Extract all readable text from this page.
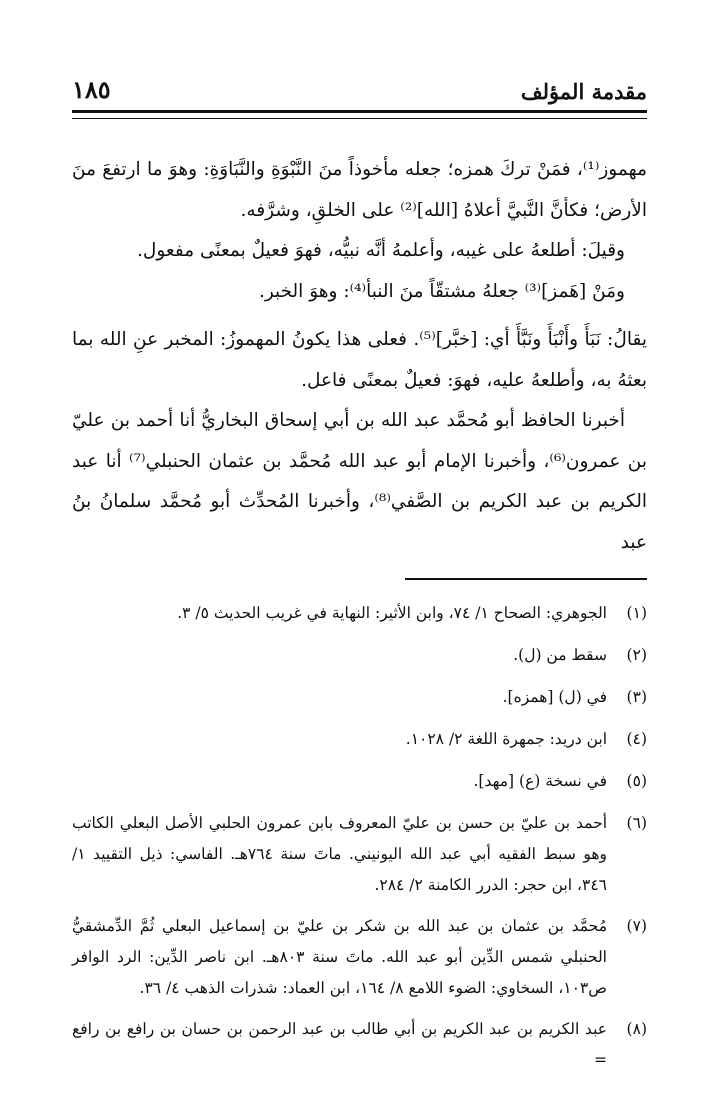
١٨٥	مقدمة المؤلف

مهموز⁽¹⁾، فمَنْ تركَ همزه؛ جعله مأخوذاً منَ النَّبْوَةِ والنَّبَاوَةِ: وهوَ ما ارتفعَ منَ الأرض؛ فكأنَّ النَّبيَّ أعلاهُ [الله]⁽²⁾ على الخلقِ، وشرَّفه.

وقيلَ: أطلعهُ على غيبه، وأعلمهُ أنَّه نبيُّه، فهوَ فعيلٌ بمعنًى مفعول.

ومَنْ [هَمز]⁽³⁾ جعلهُ مشتقّاً منَ النبأ⁽⁴⁾: وهوَ الخبر.

يقالُ: نَبَأَ وأَنْبَأَ ونَبَّأَ أي: [خبَّر]⁽⁵⁾. فعلى هذا يكونُ المهموزُ: المخبر عنِ الله بما بعثهُ به، وأطلعهُ عليه، فهوَ: فعيلٌ بمعنًى فاعل.

أخبرنا الحافظ أبو مُحمَّد عبد الله بن أبي إسحاق البخاريُّ أنا أحمد بن عليّ بن عمرون⁽⁶⁾، وأخبرنا الإمام أبو عبد الله مُحمَّد بن عثمان الحنبلي⁽⁷⁾ أنا عبد الكريم بن عبد الكريم بن الصَّفي⁽⁸⁾، وأخبرنا المُحدِّث أبو مُحمَّد سلمانُ بنُ عبد

(١)
الجوهري: الصحاح ١/ ٧٤، وابن الأثير: النهاية في غريب الحديث ٥/ ٣.
(٢)
سقط من (ل).
(٣)
في (ل) [همزه].
(٤)
ابن دريد: جمهرة اللغة ٢/ ١٠٢٨.
(٥)
في نسخة (ع) [مهد].
(٦)
أحمد بن عليّ بن حسن بن عليّ المعروف بابن عمرون الحلبي الأصل البعلي الكاتب وهو سبط الفقيه أبي عبد الله اليونيني. ماتَ سنة ٧٦٤هـ. الفاسي: ذيل التقييد ١/ ٣٤٦، ابن حجر: الدرر الكامنة ٢/ ٢٨٤.
(٧)
مُحمَّد بن عثمان بن عبد الله بن شكر بن عليّ بن إسماعيل البعلي ثُمَّ الدِّمشقيُّ الحنبلي شمس الدِّين أبو عبد الله. ماتَ سنة ٨٠٣هـ. ابن ناصر الدِّين: الرد الوافر ص١٠٣، السخاوي: الضوء اللامع ٨/ ١٦٤، ابن العماد: شذرات الذهب ٤/ ٣٦.
(٨)
عبد الكريم بن عبد الكريم بن أبي طالب بن عبد الرحمن بن حسان بن رافع بن رافع =
